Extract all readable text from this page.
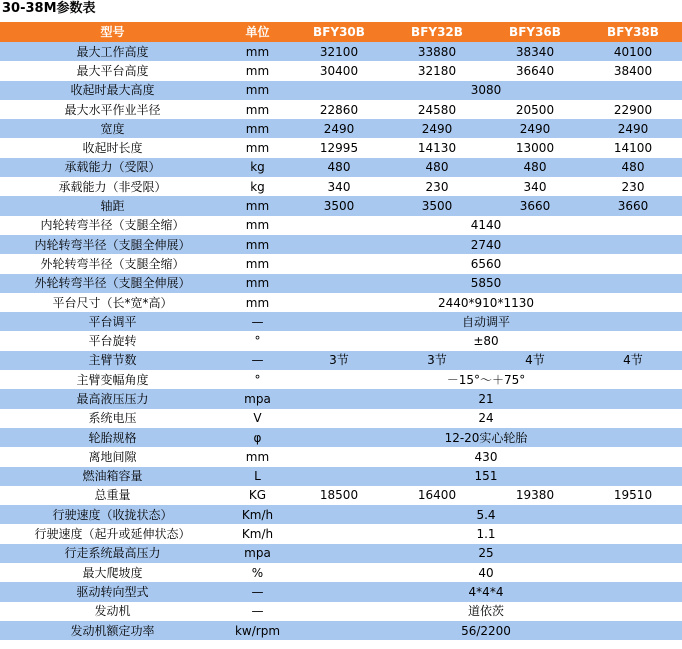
30-38M参数表
型号	单位	BFY30B	BFY32B	BFY36B	BFY38B
最大工作高度	mm	32100	33880	38340	40100
最大平台高度	mm	30400	32180	36640	38400
收起时最大高度	mm	3080			
最大水平作业半径	mm	22860	24580	20500	22900
宽度	mm	2490	2490	2490	2490
收起时长度	mm	12995	14130	13000	14100
承载能力（受限）	kg	480	480	480	480
承载能力（非受限）	kg	340	230	340	230
轴距	mm	3500	3500	3660	3660
内轮转弯半径（支腿全缩）	mm	4140			
内轮转弯半径（支腿全伸展）	mm	2740			
外轮转弯半径（支腿全缩）	mm	6560			
外轮转弯半径（支腿全伸展）	mm	5850			
平台尺寸（长*宽*高）	mm	2440*910*1130			
平台调平	—	自动调平			
平台旋转	°	±80			
主臂节数	—	3节	3节	4节	4节
主臂变幅角度	°	－15°～＋75°			
最高液压压力	mpa	21			
系统电压	V	24			
轮胎规格	φ	12-20实心轮胎			
离地间隙	mm	430			
燃油箱容量	L	151			
总重量	KG	18500	16400	19380	19510
行驶速度（收拢状态）	Km/h	5.4			
行驶速度（起升或延伸状态）	Km/h	1.1			
行走系统最高压力	mpa	25			
最大爬坡度	%	40			
驱动转向型式	—	4*4*4			
发动机	—	道依茨			
发动机额定功率	kw/rpm	56/2200			
